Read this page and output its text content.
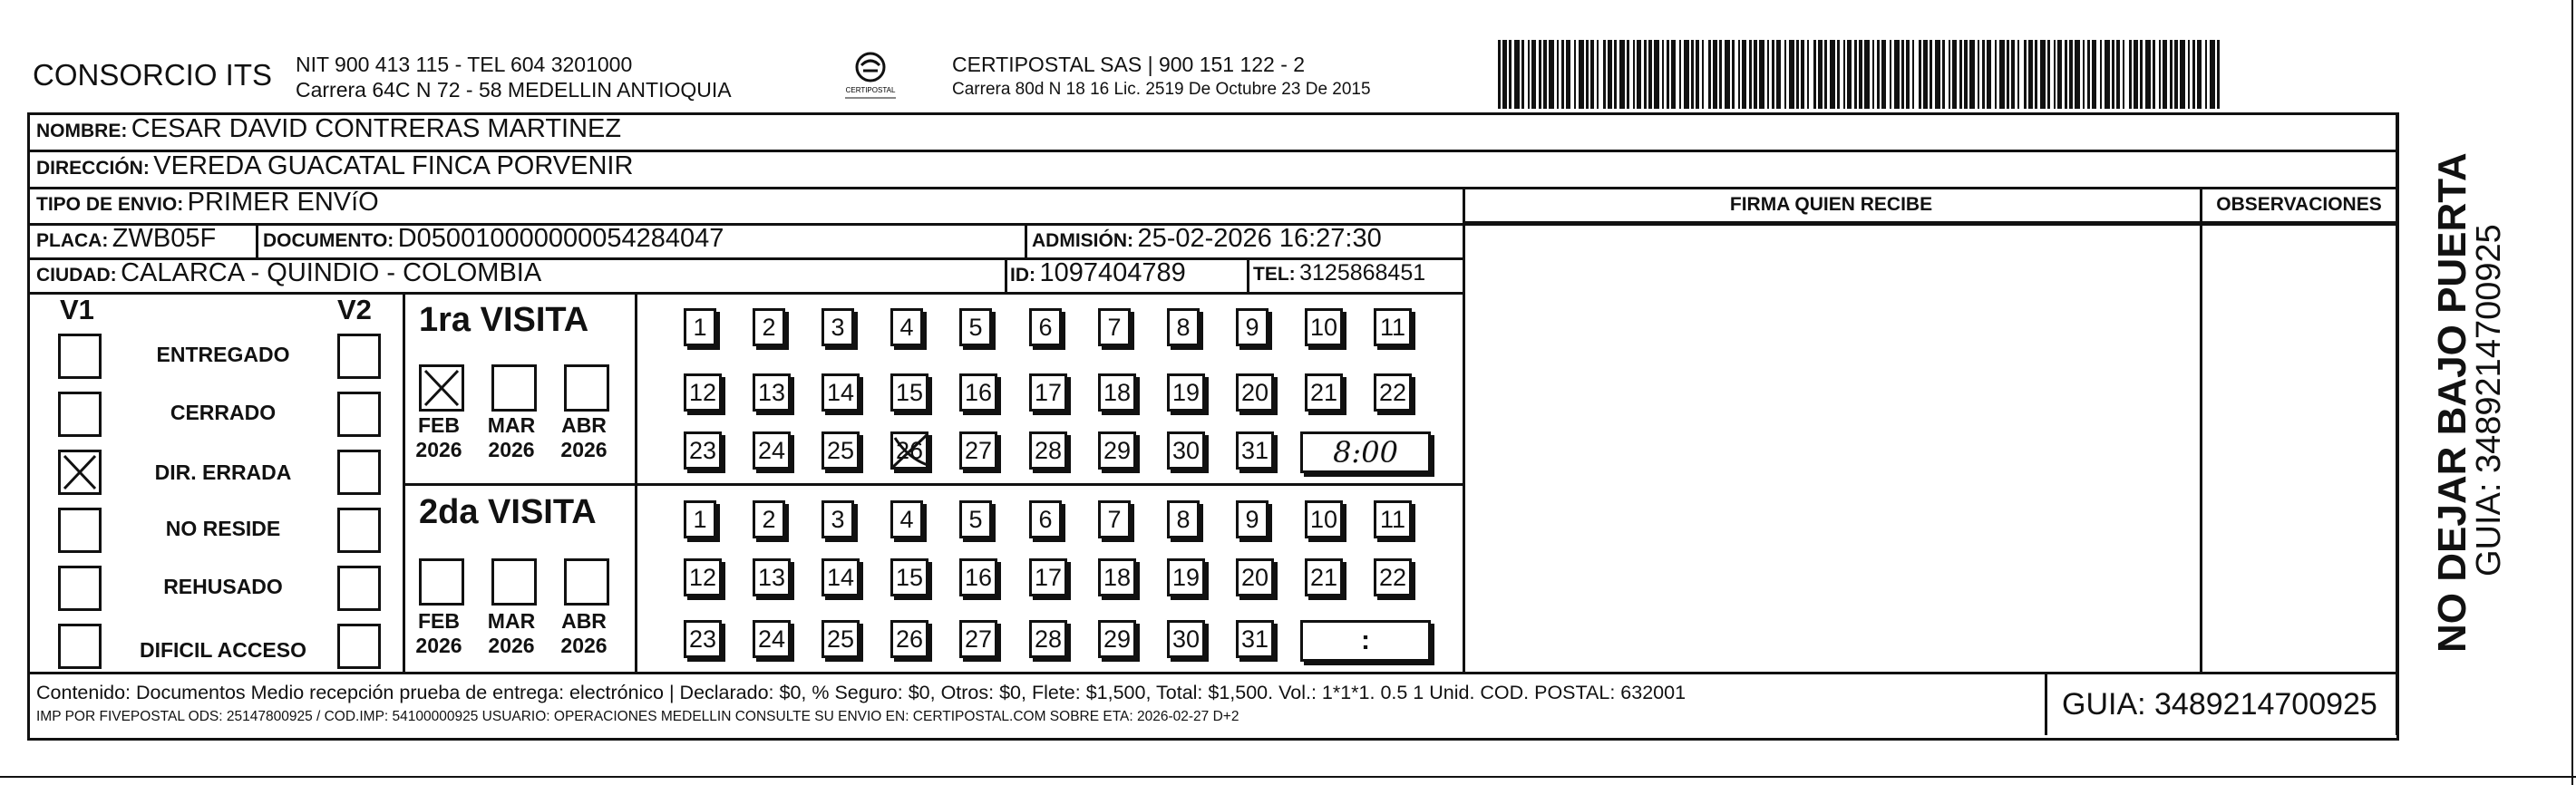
CONSORCIO ITS NIT 900 413 115 - TEL 604 3201000
Carrera 64C N 72 - 58 MEDELLIN ANTIOQUIA	CERTIPOSTAL
CERTIPOSTAL SAS | 900 151 122 - 2
Carrera 80d N 18 16 Lic. 2519 De Octubre 23 De 2015
NOMBRE: CESAR DAVID CONTRERAS MARTINEZ
DIRECCIÓN: VEREDA GUACATAL FINCA PORVENIR
TIPO DE ENVIO: PRIMER ENVíO
PLACA: ZWB05F DOCUMENTO: D050010000000054284047	ADMISIÓN: 25-02-2026 16:27:30
CIUDAD: CALARCA - QUINDIO - COLOMBIA	ID: 1097404789	TEL: 3125868451
FIRMA QUIEN RECIBE	OBSERVACIONES
V1	V2
ENTREGADO
CERRADO
DIR. ERRADA
NO RESIDE
REHUSADO
DIFICIL ACCESO
1ra VISITA
FEB
2026
MAR
2026
ABR
2026
1	2	3	4	5	6	7	8	9	10 11
12 13 14 15 16 17 18 19 20 21 22
23 24 25 26 27 28 29 30 31	8:00
2da VISITA
FEB
2026
MAR
2026
ABR
2026
1	2	3	4	5	6	7	8	9	10 11
12 13 14 15 16 17 18 19 20 21 22
23 24 25 26 27 28 29 30 31	:
Contenido: Documentos Medio recepción prueba de entrega: electrónico | Declarado: $0, % Seguro: $0, Otros: $0, Flete: $1,500, Total: $1,500. Vol.: 1*1*1. 0.5 1 Unid. COD. POSTAL: 632001
IMP POR FIVEPOSTAL ODS: 25147800925 / COD.IMP: 54100000925 USUARIO: OPERACIONES MEDELLIN CONSULTE SU ENVIO EN: CERTIPOSTAL.COM SOBRE ETA: 2026-02-27 D+2	GUIA: 3489214700925
NO DEJAR BAJO PUERTA
GUIA: 3489214700925
